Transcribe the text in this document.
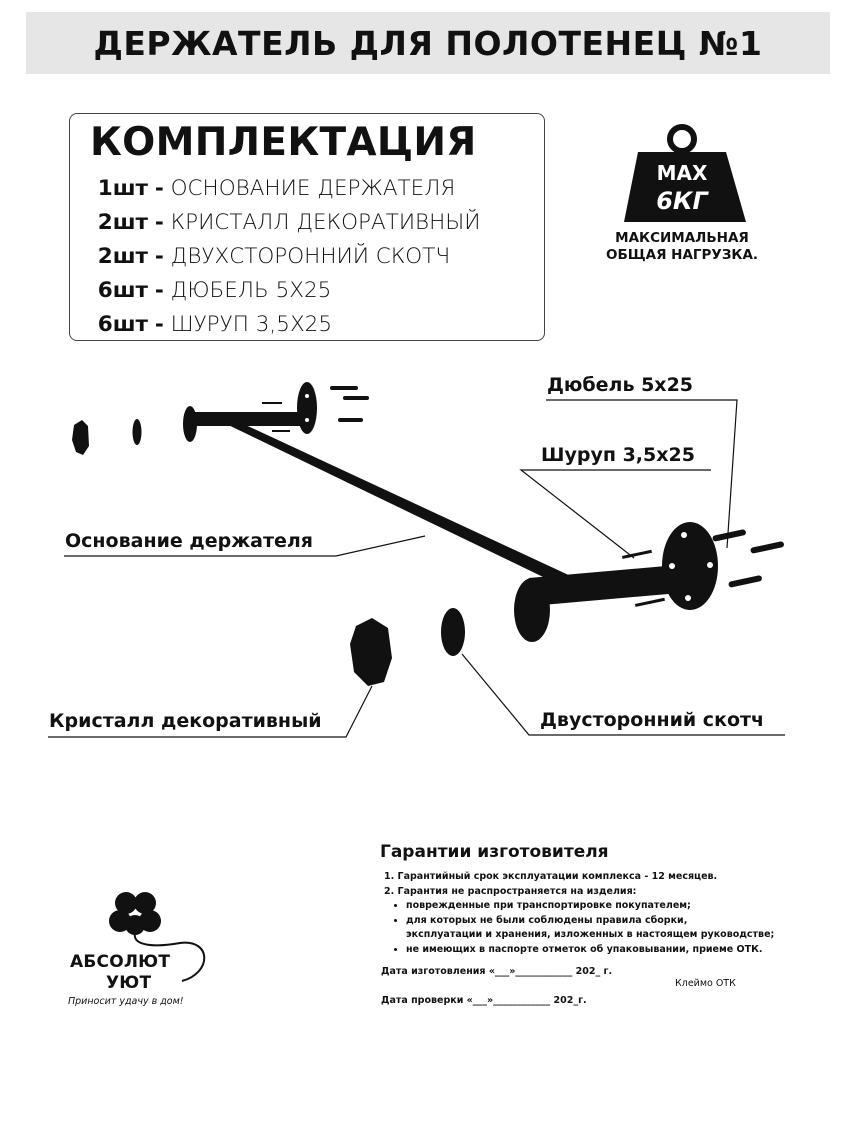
ДЕРЖАТЕЛЬ ДЛЯ ПОЛОТЕНЕЦ №1
КОМПЛЕКТАЦИЯ
1шт - ОСНОВАНИЕ ДЕРЖАТЕЛЯ
2шт - КРИСТАЛЛ ДЕКОРАТИВНЫЙ
2шт - ДВУХСТОРОННИЙ СКОТЧ
6шт - ДЮБЕЛЬ 5Х25
6шт - ШУРУП 3,5Х25
MAX
6КГ

МАКСИМАЛЬНАЯ
ОБЩАЯ НАГРУЗКА.

Дюбель 5х25
Шуруп 3,5х25
Основание держателя
Кристалл декоративный	Двусторонний скотч
Гарантии изготовителя

1. Гарантийный срок эксплуатации комплекса - 12 месяцев.

2. Гарантия не распространяется на изделия:

• поврежденные при транспортировке покупателем;
• для которых не были соблюдены правила сборки,
эксплуатации и хранения, изложенных в настоящем руководстве;
• не имеющих в паспорте отметок об упаковывании, приеме ОТК.
Дата изготовления «___»____________ 202_ г.
Дата проверки «___»____________ 202_г.
Клеймо ОТК
АБСОЛЮТ
УЮТ
Приносит удачу в дом!
